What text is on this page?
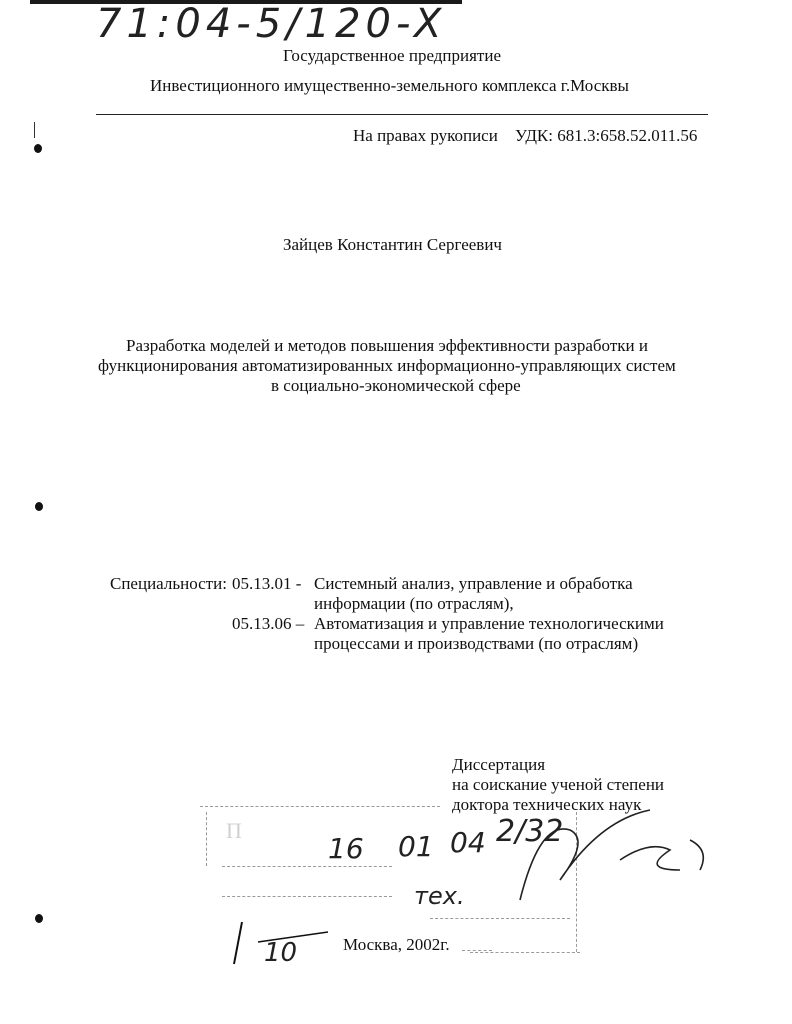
71:04-5/120-X
Государственное предприятие
Инвестиционного имущественно-земельного комплекса г.Москвы
На правах рукописи УДК: 681.3:658.52.011.56
Зайцев Константин Сергеевич
Разработка моделей и методов повышения эффективности разработки и
функционирования автоматизированных информационно-управляющих систем
в социально-экономической сфере
Специальности: 05.13.01 - Системный анализ, управление и обработка
информации (по отраслям),
05.13.06 – Автоматизация и управление технологическими
процессами и производствами (по отраслям)
Диссертация
на соискание ученой степени
доктора технических наук
П
16 01 04 2/32
тех.
10	Москва, 2002г.
